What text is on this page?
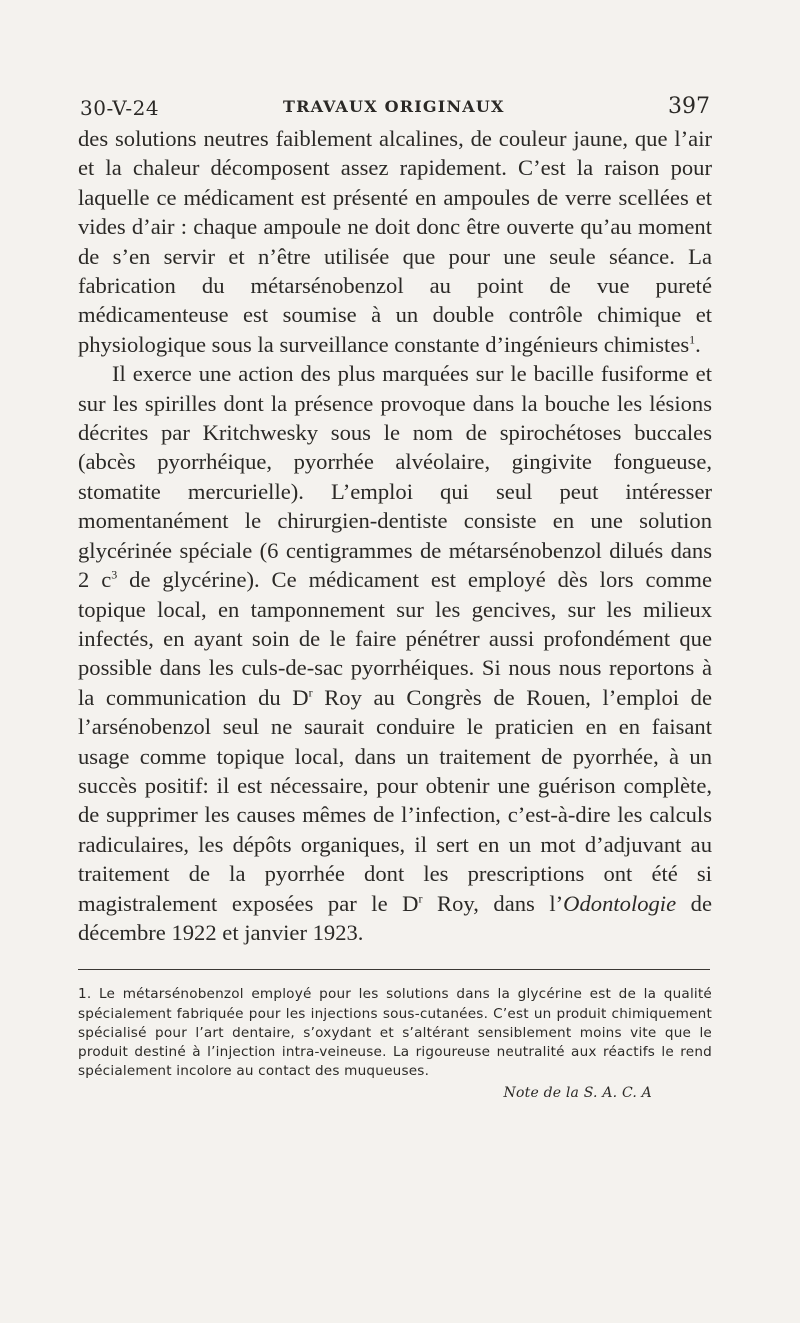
30-V-24	TRAVAUX ORIGINAUX	397

des solutions neutres faiblement alcalines, de couleur jaune, que l’air et la chaleur décomposent assez rapidement. C’est la raison pour laquelle ce médicament est présenté en ampoules de verre scellées et vides d’air : chaque ampoule ne doit donc être ouverte qu’au moment de s’en servir et n’être utilisée que pour une seule séance. La fabrication du métarsénobenzol au point de vue pureté médicamenteuse est soumise à un double contrôle chimique et physiologique sous la surveillance constante d’ingénieurs chimistes$^1$.

Il exerce une action des plus marquées sur le bacille fusiforme et sur les spirilles dont la présence provoque dans la bouche les lésions décrites par Kritchwesky sous le nom de spirochétoses buccales (abcès pyorrhéique, pyorrhée alvéolaire, gingivite fongueuse, stomatite mercurielle). L’emploi qui seul peut intéresser momentanément le chirurgien-dentiste consiste en une solution glycérinée spéciale (6 centigrammes de métarsénobenzol dilués dans 2 $c^3$ de glycérine). Ce médicament est employé dès lors comme topique local, en tamponnement sur les gencives, sur les milieux infectés, en ayant soin de le faire pénétrer aussi profondément que possible dans les culs-de-sac pyorrhéiques. Si nous nous reportons à la communication du $D^r$ Roy au Congrès de Rouen, l’emploi de l’arsénobenzol seul ne saurait conduire le praticien en en faisant usage comme topique local, dans un traitement de pyorrhée, à un succès positif: il est nécessaire, pour obtenir une guérison complète, de supprimer les causes mêmes de l’infection, c’est-à-dire les calculs radiculaires, les dépôts organiques, il sert en un mot d’adjuvant au traitement de la pyorrhée dont les prescriptions ont été si magistralement exposées par le $D^r$ Roy, dans l’Odontologie de décembre 1922 et janvier 1923.

1. Le métarsénobenzol employé pour les solutions dans la glycérine est de la qualité spécialement fabriquée pour les injections sous-cutanées. C’est un produit chimiquement spécialisé pour l’art dentaire, s’oxydant et s’altérant sensiblement moins vite que le produit destiné à l’injection intra-veineuse. La rigoureuse neutralité aux réactifs le rend spécialement incolore au contact des muqueuses.

Note de la S. A. C. A
